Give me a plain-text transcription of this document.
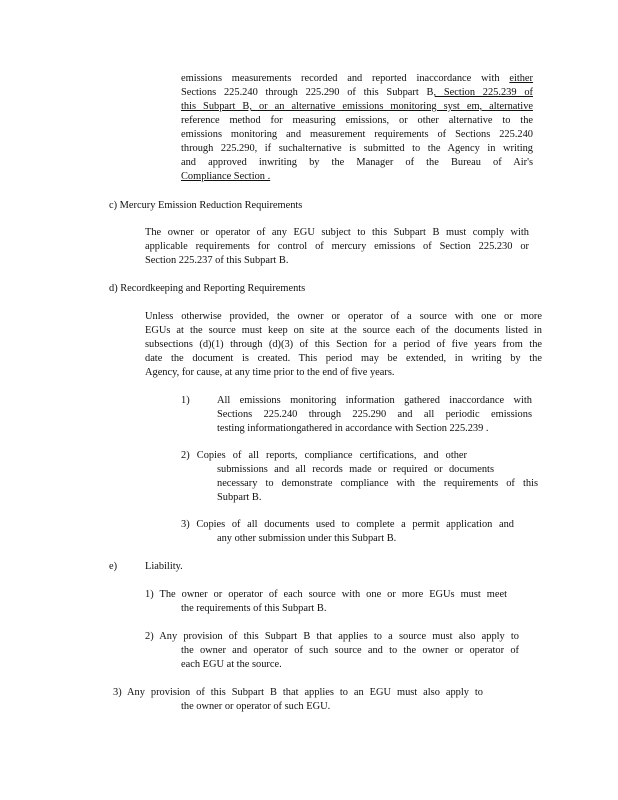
emissions measurements recorded and reported inaccordance with either
Sections 225.240 through 225.290 of this Subpart B, Section 225.239 of
this Subpart B, or an alternative emissions monitoring syst em, alternative
reference method for measuring emissions, or other alternative to the
emissions monitoring and measurement requirements of Sections 225.240
through 225.290, if suchalternative is submitted to the Agency in writing
and approved inwriting by the Manager of the Bureau of Air's
Compliance Section .
c) Mercury Emission Reduction Requirements
The owner or operator of any EGU subject to this Subpart B must comply with
applicable requirements for control of mercury emissions of Section 225.230 or
Section 225.237 of this Subpart B.
d) Recordkeeping and Reporting Requirements
Unless otherwise provided, the owner or operator of a source with one or more
EGUs at the source must keep on site at the source each of the documents listed in
subsections (d)(1) through (d)(3) of this Section for a period of five years from the
date the document is created. This period may be extended, in writing by the
Agency, for cause, at any time prior to the end of five years.
1)	All emissions monitoring information gathered inaccordance with
Sections 225.240 through 225.290 and all periodic emissions
testing informationgathered in accordance with Section 225.239 .
2) Copies of all reports, compliance certifications, and other
submissions and all records made or required or documents
necessary to demonstrate compliance with the requirements of this
Subpart B.
3) Copies of all documents used to complete a permit application and
any other submission under this Subpart B.
e)	Liability.
1) The owner or operator of each source with one or more EGUs must meet
the requirements of this Subpart B.
2) Any provision of this Subpart B that applies to a source must also apply to
the owner and operator of such source and to the owner or operator of
each EGU at the source.
3) Any provision of this Subpart B that applies to an EGU must also apply to
the owner or operator of such EGU.
